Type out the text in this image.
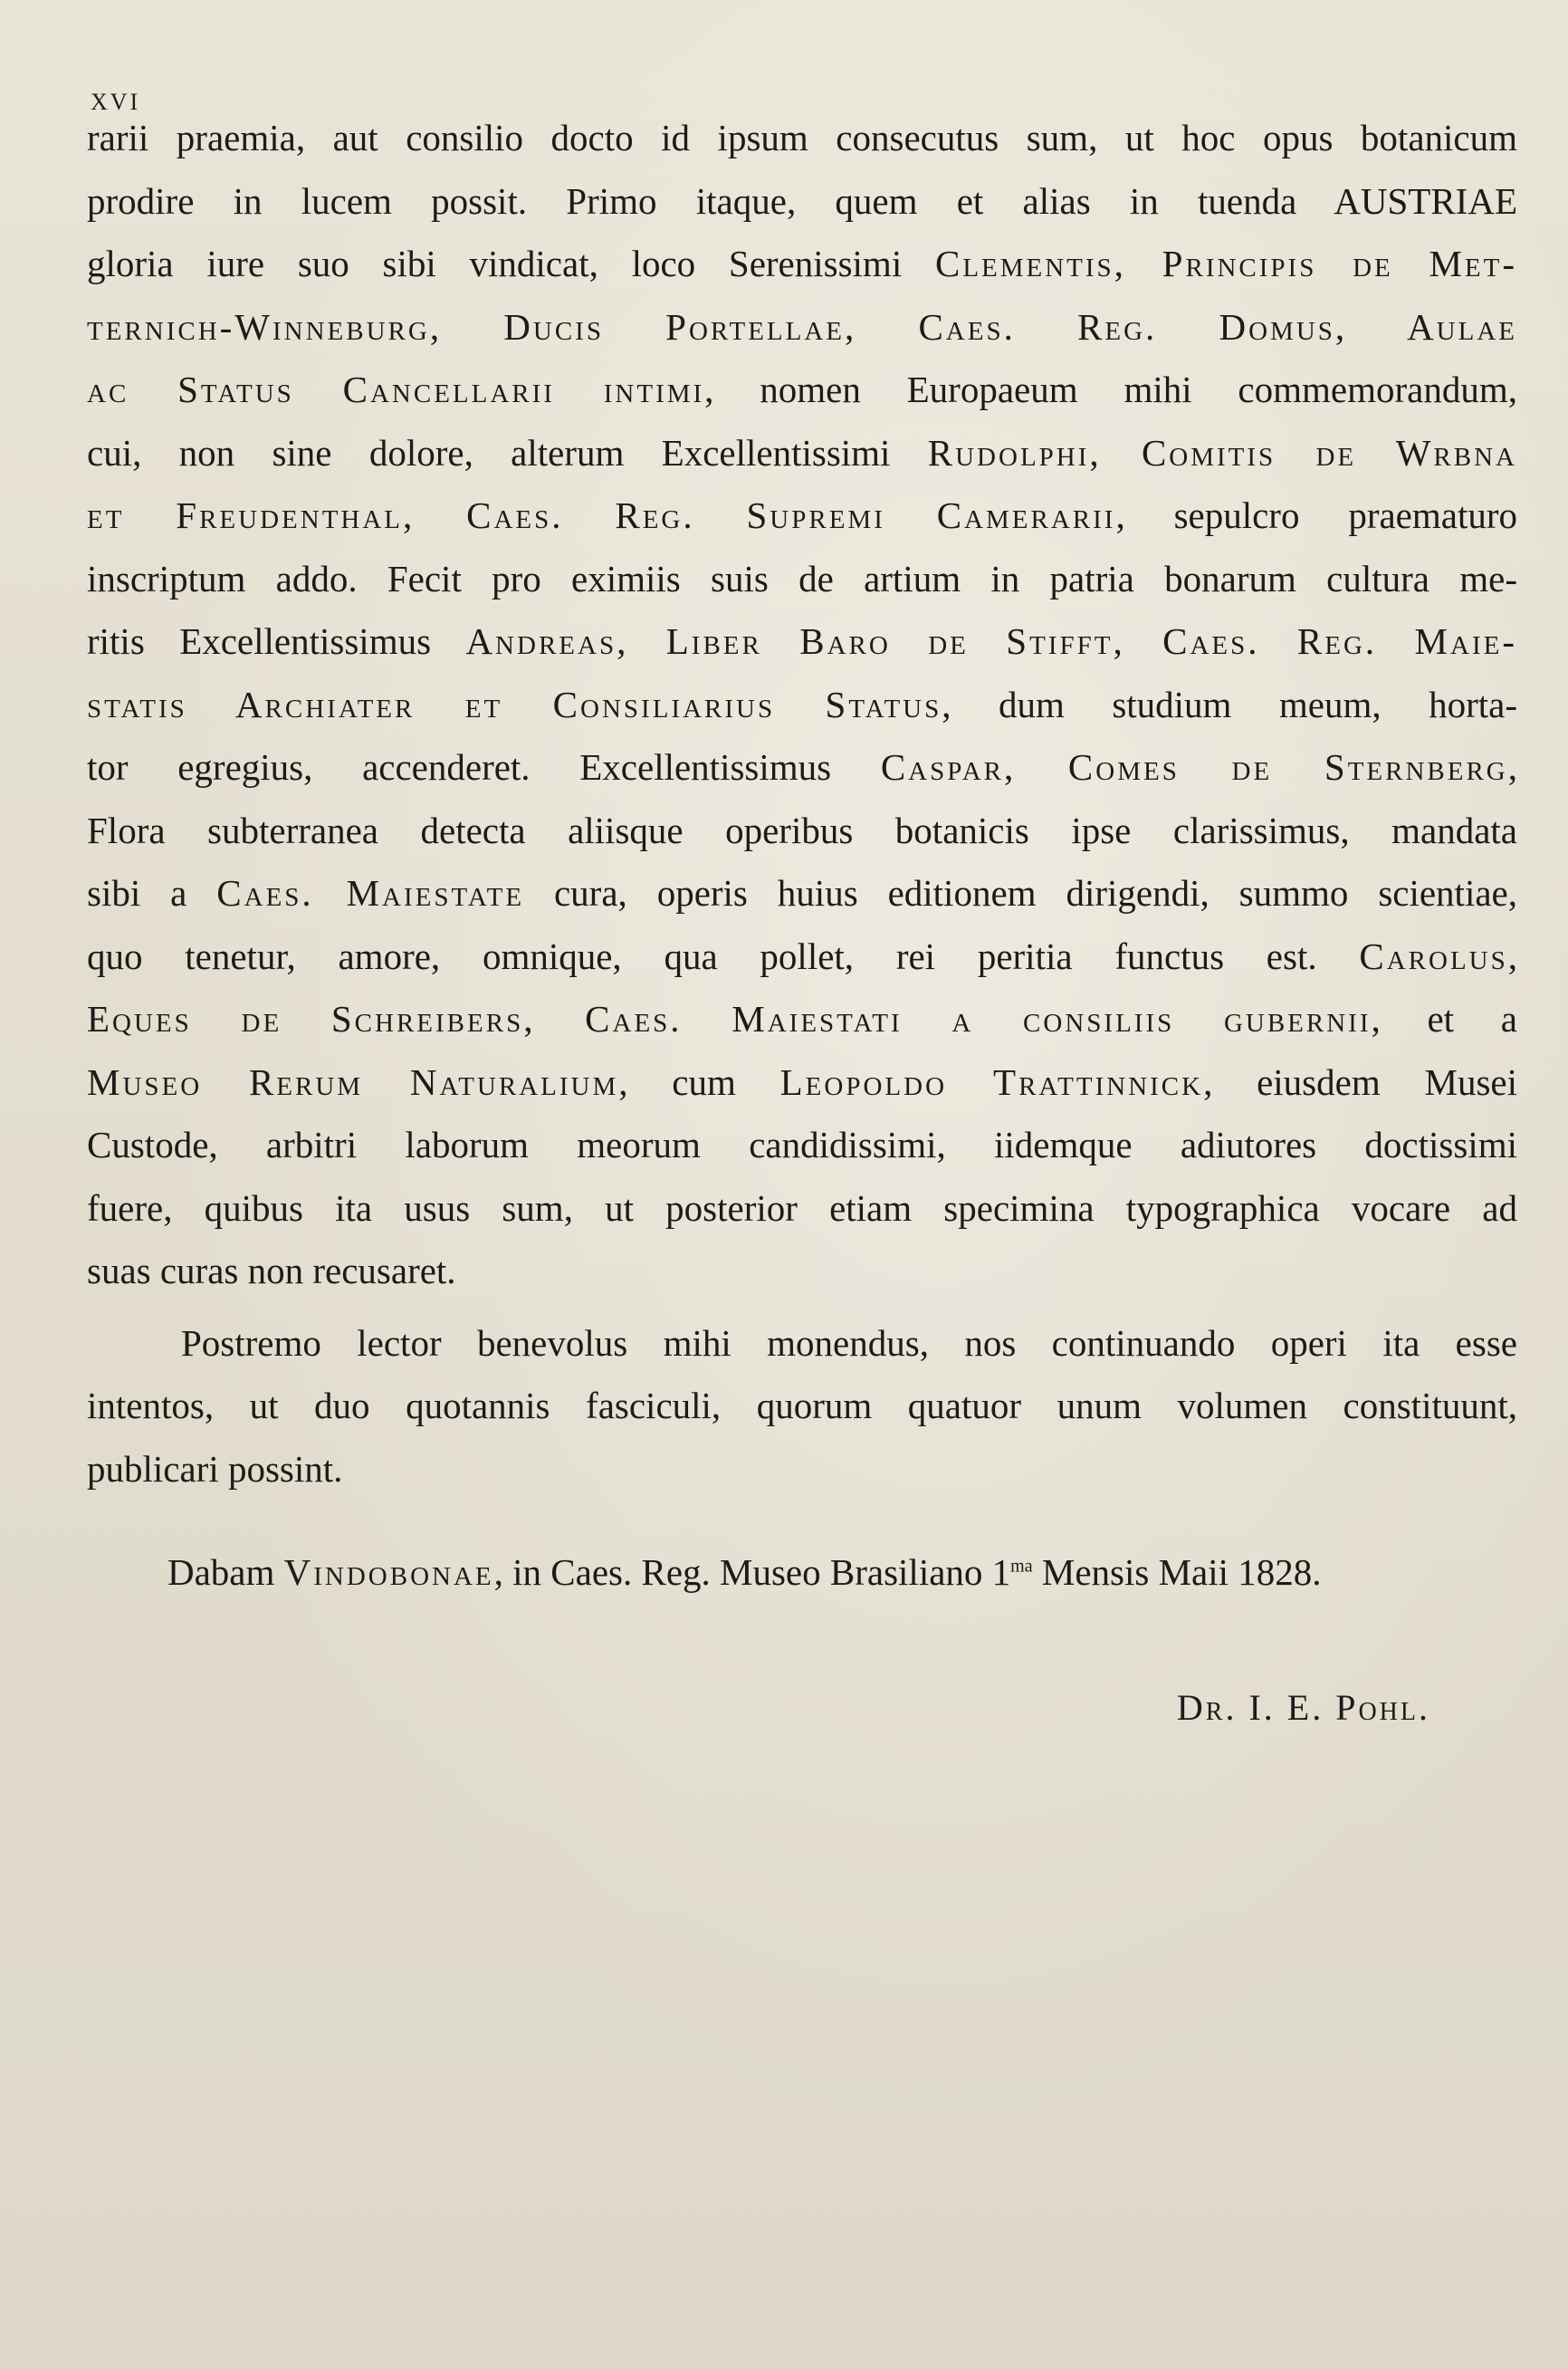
XVI
rarii praemia, aut consilio docto id ipsum consecutus sum, ut hoc opus botanicum
prodire in lucem possit. Primo itaque, quem et alias in tuenda AUSTRIAE
gloria iure suo sibi vindicat, loco Serenissimi Clementis, Principis de Met-
ternich-Winneburg, Ducis Portellae, Caes. Reg. Domus, Aulae
ac Status Cancellarii intimi, nomen Europaeum mihi commemorandum,
cui, non sine dolore, alterum Excellentissimi Rudolphi, Comitis de Wrbna
et Freudenthal, Caes. Reg. Supremi Camerarii, sepulcro praematuro
inscriptum addo. Fecit pro eximiis suis de artium in patria bonarum cultura me-
ritis Excellentissimus Andreas, Liber Baro de Stifft, Caes. Reg. Maie-
statis Archiater et Consiliarius Status, dum studium meum, horta-
tor egregius, accenderet. Excellentissimus Caspar, Comes de Sternberg,
Flora subterranea detecta aliisque operibus botanicis ipse clarissimus, mandata
sibi a Caes. Maiestate cura, operis huius editionem dirigendi, summo scientiae,
quo tenetur, amore, omnique, qua pollet, rei peritia functus est. Carolus,
Eques de Schreibers, Caes. Maiestati a consiliis gubernii, et a
Museo Rerum Naturalium, cum Leopoldo Trattinnick, eiusdem Musei
Custode, arbitri laborum meorum candidissimi, iidemque adiutores doctissimi
fuere, quibus ita usus sum, ut posterior etiam specimina typographica vocare ad
suas curas non recusaret.
Postremo lector benevolus mihi monendus, nos continuando operi ita esse
intentos, ut duo quotannis fasciculi, quorum quatuor unum volumen constituunt,
publicari possint.
Dabam Vindobonae, in Caes. Reg. Museo Brasiliano $1^{ma}$ Mensis Maii 1828.
Dr. I. E. Pohl.
